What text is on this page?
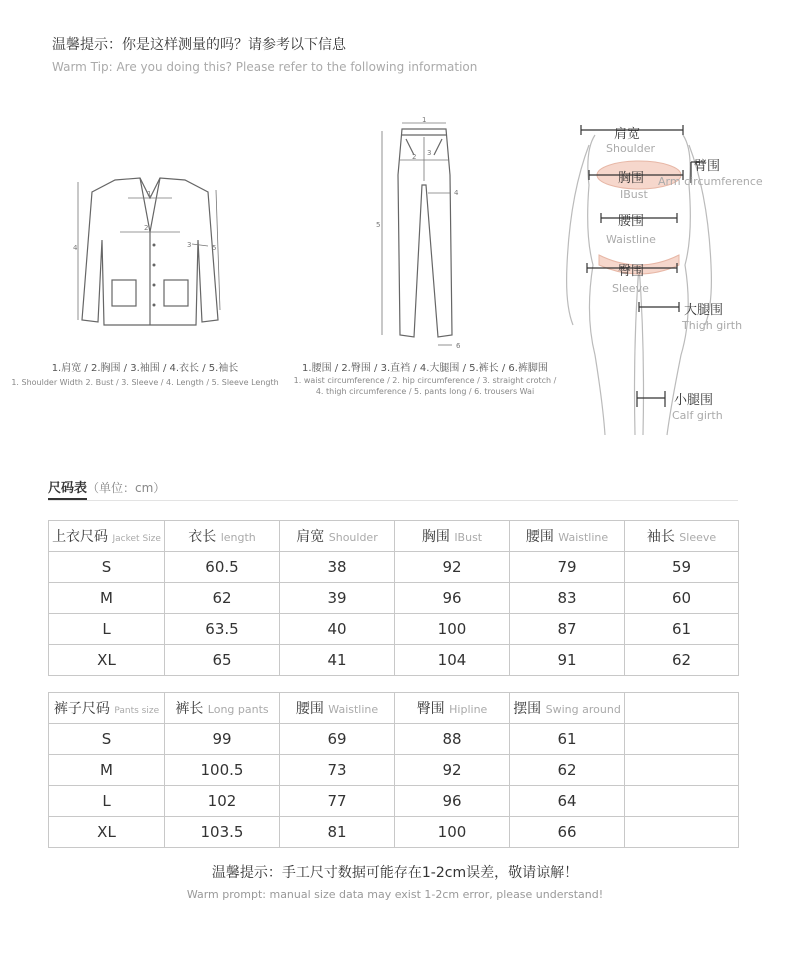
温馨提示：你是这样测量的吗？请参考以下信息
Warm Tip: Are you doing this? Please refer to the following information
1
2
3
4	5
1.肩宽 / 2.胸围 / 3.袖围 / 4.衣长 / 5.袖长
1. Shoulder Width 2. Bust / 3. Sleeve / 4. Length / 5. Sleeve Length
1
2 3
4
5
6
1.腰围 / 2.臀围 / 3.直裆 / 4.大腿围 / 5.裤长 / 6.裤脚围
1. waist circumference / 2. hip circumference / 3. straight crotch /
4. thigh circumference / 5. pants long / 6. trousers Wai
肩宽
Shoulder
臂围
Arm circumference
胸围
IBust
腰围
Waistline
臀围
Sleeve
大腿围
Thigh girth
小腿围
Calf girth
尺码表（单位：cm）
上衣尺码 Jacket Size	衣长 length	肩宽 Shoulder	胸围 IBust	腰围 Waistline	袖长 Sleeve
S	60.5	38	92	79	59
M	62	39	96	83	60
L	63.5	40	100	87	61
XL	65	41	104	91	62
裤子尺码 Pants size	裤长 Long pants	腰围 Waistline	臀围 Hipline	摆围 Swing around	
S	99	69	88	61	
M	100.5	73	92	62	
L	102	77	96	64	
XL	103.5	81	100	66	
温馨提示：手工尺寸数据可能存在1-2cm误差，敬请谅解！
Warm prompt: manual size data may exist 1-2cm error, please understand!
